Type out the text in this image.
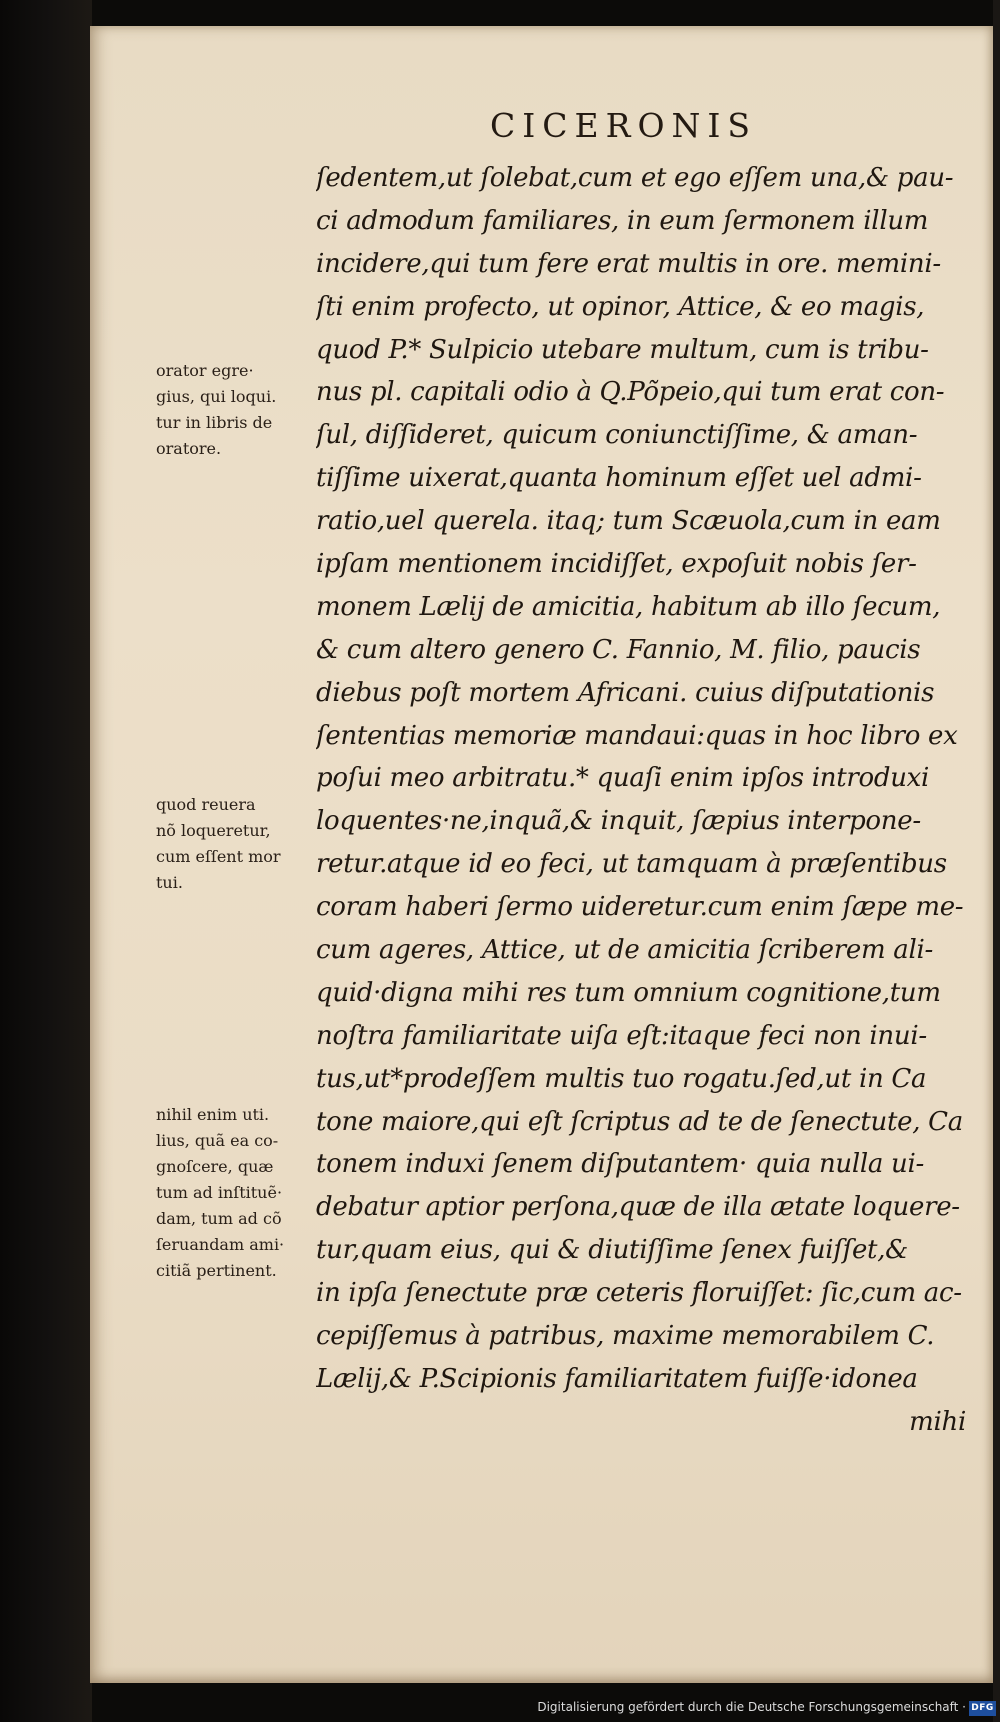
CICERONIS
ſedentem,ut ſolebat,cum et ego eſſem una,& pau-
ci admodum familiares, in eum ſermonem illum
incidere,qui tum fere erat multis in ore. memini-
ſti enim profecto, ut opinor, Attice, & eo magis,
quod P.* Sulpicio utebare multum, cum is tribu-
nus pl. capitali odio à Q.Põpeio,qui tum erat con-
ſul, diſſideret, quicum coniunctiſſime, & aman-
tiſſime uixerat,quanta hominum eſſet uel admi-
ratio,uel querela. itaq; tum Scæuola,cum in eam
ipſam mentionem incidiſſet, expoſuit nobis ſer-
monem Lælij de amicitia, habitum ab illo ſecum,
& cum altero genero C. Fannio, M. filio, paucis
diebus poſt mortem Africani. cuius diſputationis
ſententias memoriæ mandaui:quas in hoc libro ex
poſui meo arbitratu.* quaſi enim ipſos introduxi
loquentes·ne,inquã,& inquit, ſæpius interpone-
retur.atque id eo feci, ut tamquam à præſentibus
coram haberi ſermo uideretur.cum enim ſæpe me-
cum ageres, Attice, ut de amicitia ſcriberem ali-
quid·digna mihi res tum omnium cognitione,tum
noſtra familiaritate uiſa eſt:itaque feci non inui-
tus,ut*prodeſſem multis tuo rogatu.ſed,ut in Ca
tone maiore,qui eſt ſcriptus ad te de ſenectute, Ca
tonem induxi ſenem diſputantem· quia nulla ui-
debatur aptior perſona,quæ de illa ætate loquere-
tur,quam eius, qui & diutiſſime ſenex fuiſſet,&
in ipſa ſenectute præ ceteris floruiſſet: ſic,cum ac-
cepiſſemus à patribus, maxime memorabilem C.
Lælij,& P.Scipionis familiaritatem fuiſſe·idonea
mihi
orator egre·
gius, qui loqui.
tur in libris de
oratore.
quod reuera
nõ loqueretur,
cum eſſent mor
tui.
nihil enim uti.
lius, quã ea co-
gnoſcere, quæ
tum ad inſtituẽ·
dam, tum ad cõ
ſeruandam ami·
citiã pertinent.
Digitalisierung gefördert durch die Deutsche Forschungsgemeinschaft · DFG
